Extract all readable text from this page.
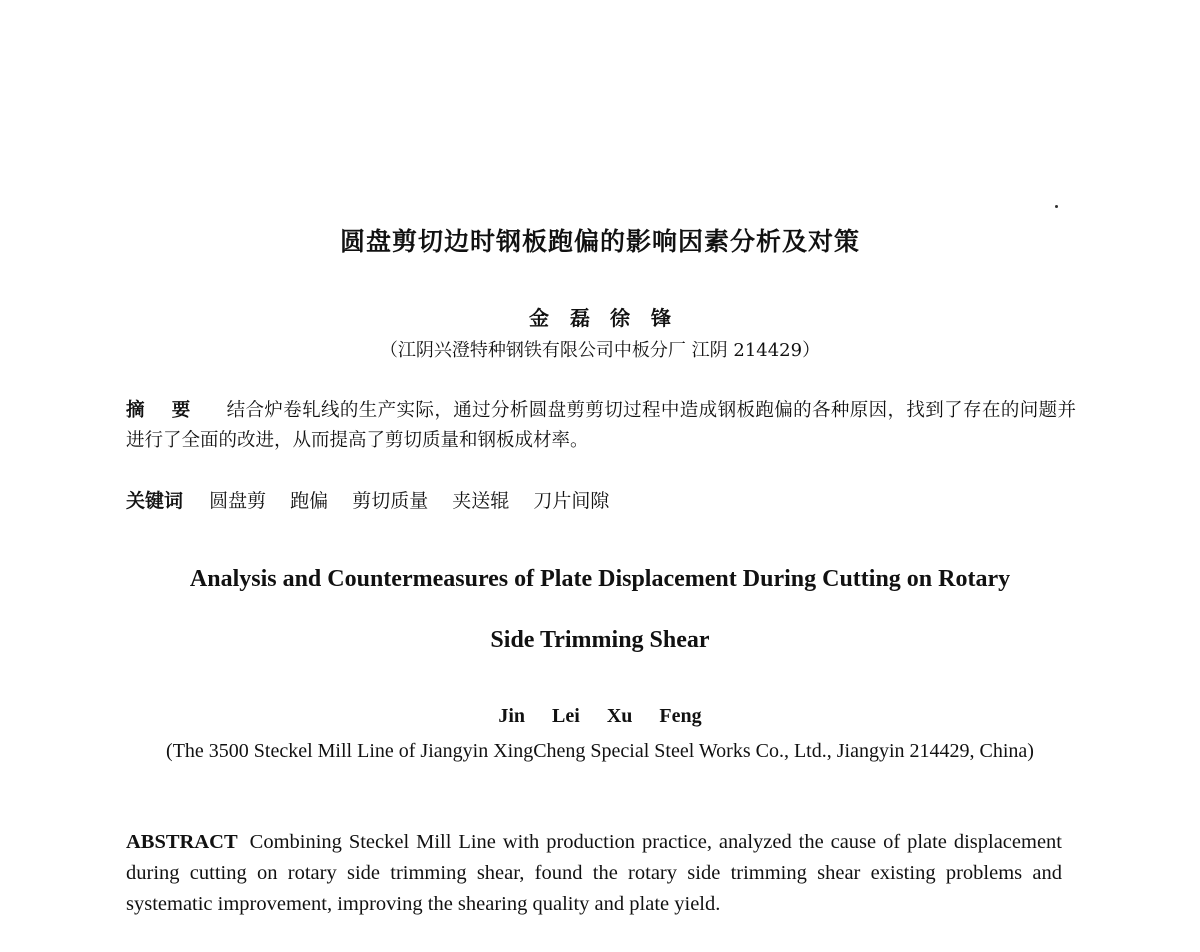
圆盘剪切边时钢板跑偏的影响因素分析及对策
金 磊　徐 锋
（江阴兴澄特种钢铁有限公司中板分厂 江阴 214429）
摘 要 结合炉卷轧线的生产实际，通过分析圆盘剪剪切过程中造成钢板跑偏的各种原因，找到了存在的问题并进行了全面的改进，从而提高了剪切质量和钢板成材率。
关键词 圆盘剪 跑偏 剪切质量 夹送辊 刀片间隙
Analysis and Countermeasures of Plate Displacement During Cutting on Rotary
Side Trimming Shear
Jin Lei Xu Feng
(The 3500 Steckel Mill Line of Jiangyin XingCheng Special Steel Works Co., Ltd., Jiangyin 214429, China)
ABSTRACT Combining Steckel Mill Line with production practice, analyzed the cause of plate displacement during cutting on rotary side trimming shear, found the rotary side trimming shear existing problems and systematic improvement, improving the shearing quality and plate yield.
